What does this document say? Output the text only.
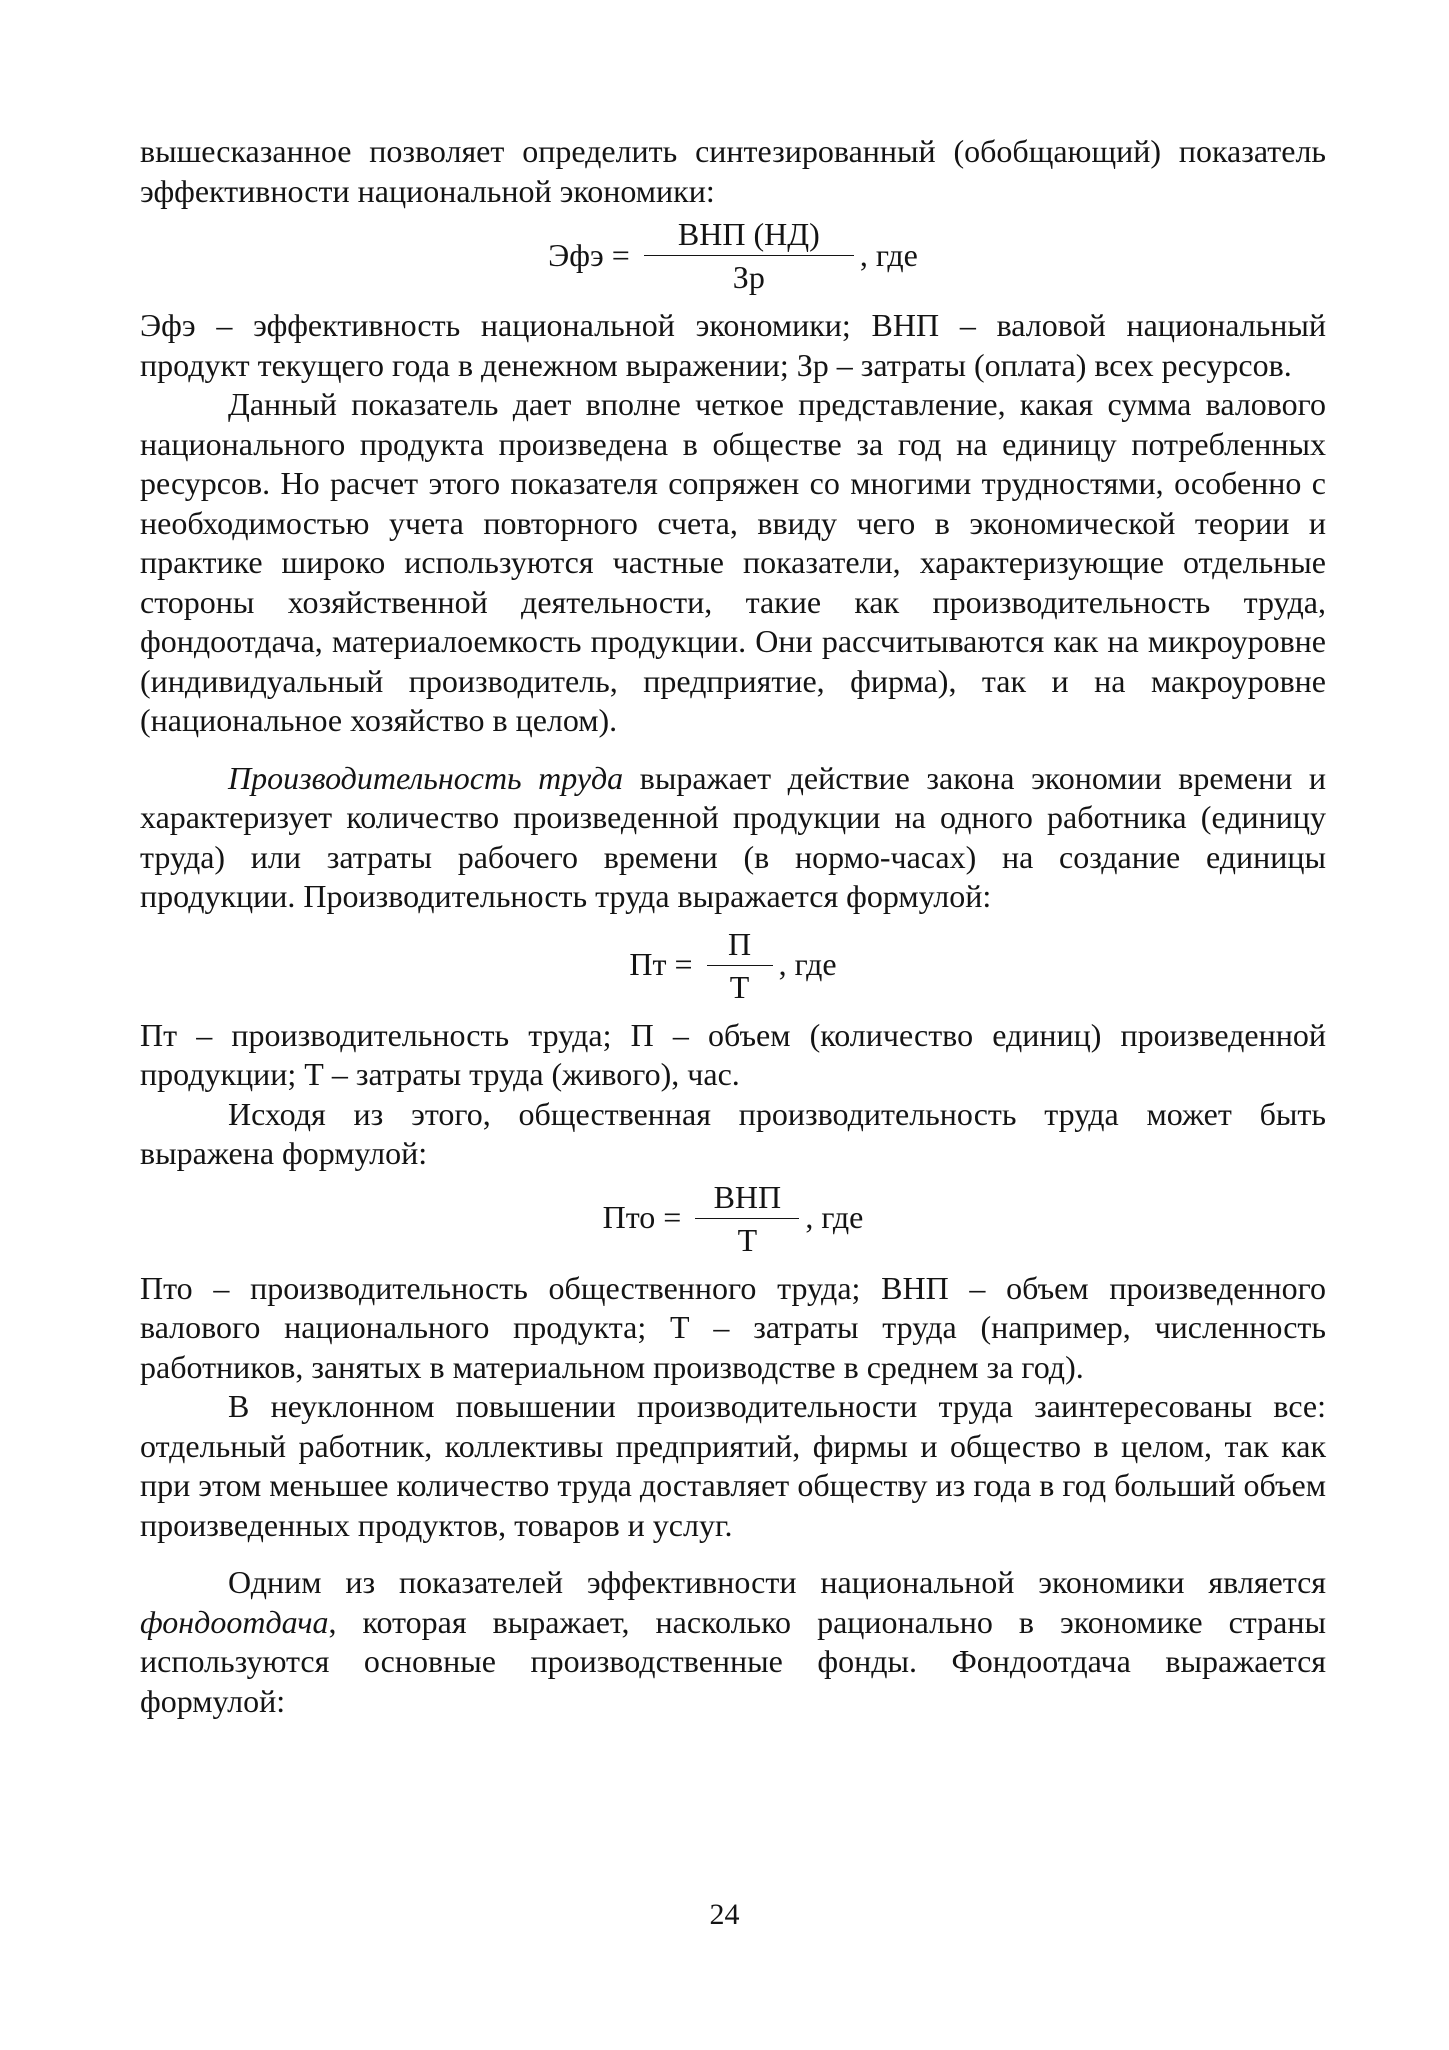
вышесказанное позволяет определить синтезированный (обобщающий) показатель эффективности национальной экономики:

Эфэ = $\frac{\text{ВНП (НД)}}{Зр}$ , где

Эфэ – эффективность национальной экономики; ВНП – валовой национальный продукт текущего года в денежном выражении; Зр – затраты (оплата) всех ресурсов.

Данный показатель дает вполне четкое представление, какая сумма валового национального продукта произведена в обществе за год на единицу потребленных ресурсов. Но расчет этого показателя сопряжен со многими трудностями, особенно с необходимостью учета повторного счета, ввиду чего в экономической теории и практике широко используются частные показатели, характеризующие отдельные стороны хозяйственной деятельности, такие как производительность труда, фондоотдача, материалоемкость продукции. Они рассчитываются как на микроуровне (индивидуальный производитель, предприятие, фирма), так и на макроуровне (национальное хозяйство в целом).

Производительность труда выражает действие закона экономии времени и характеризует количество произведенной продукции на одного работника (единицу труда) или затраты рабочего времени (в нормо-часах) на создание единицы продукции. Производительность труда выражается формулой:

Пт = $\frac{П}{Т}$ , где

Пт – производительность труда; П – объем (количество единиц) произведенной продукции; Т – затраты труда (живого), час.

Исходя из этого, общественная производительность труда может быть выражена формулой:

Пто = $\frac{\text{ВНП}}{Т}$ , где

Пто – производительность общественного труда; ВНП – объем произведенного валового национального продукта; Т – затраты труда (например, численность работников, занятых в материальном производстве в среднем за год).

В неуклонном повышении производительности труда заинтересованы все: отдельный работник, коллективы предприятий, фирмы и общество в целом, так как при этом меньшее количество труда доставляет обществу из года в год больший объем произведенных продуктов, товаров и услуг.

Одним из показателей эффективности национальной экономики является фондоотдача, которая выражает, насколько рационально в экономике страны используются основные производственные фонды. Фондоотдача выражается формулой:

24
